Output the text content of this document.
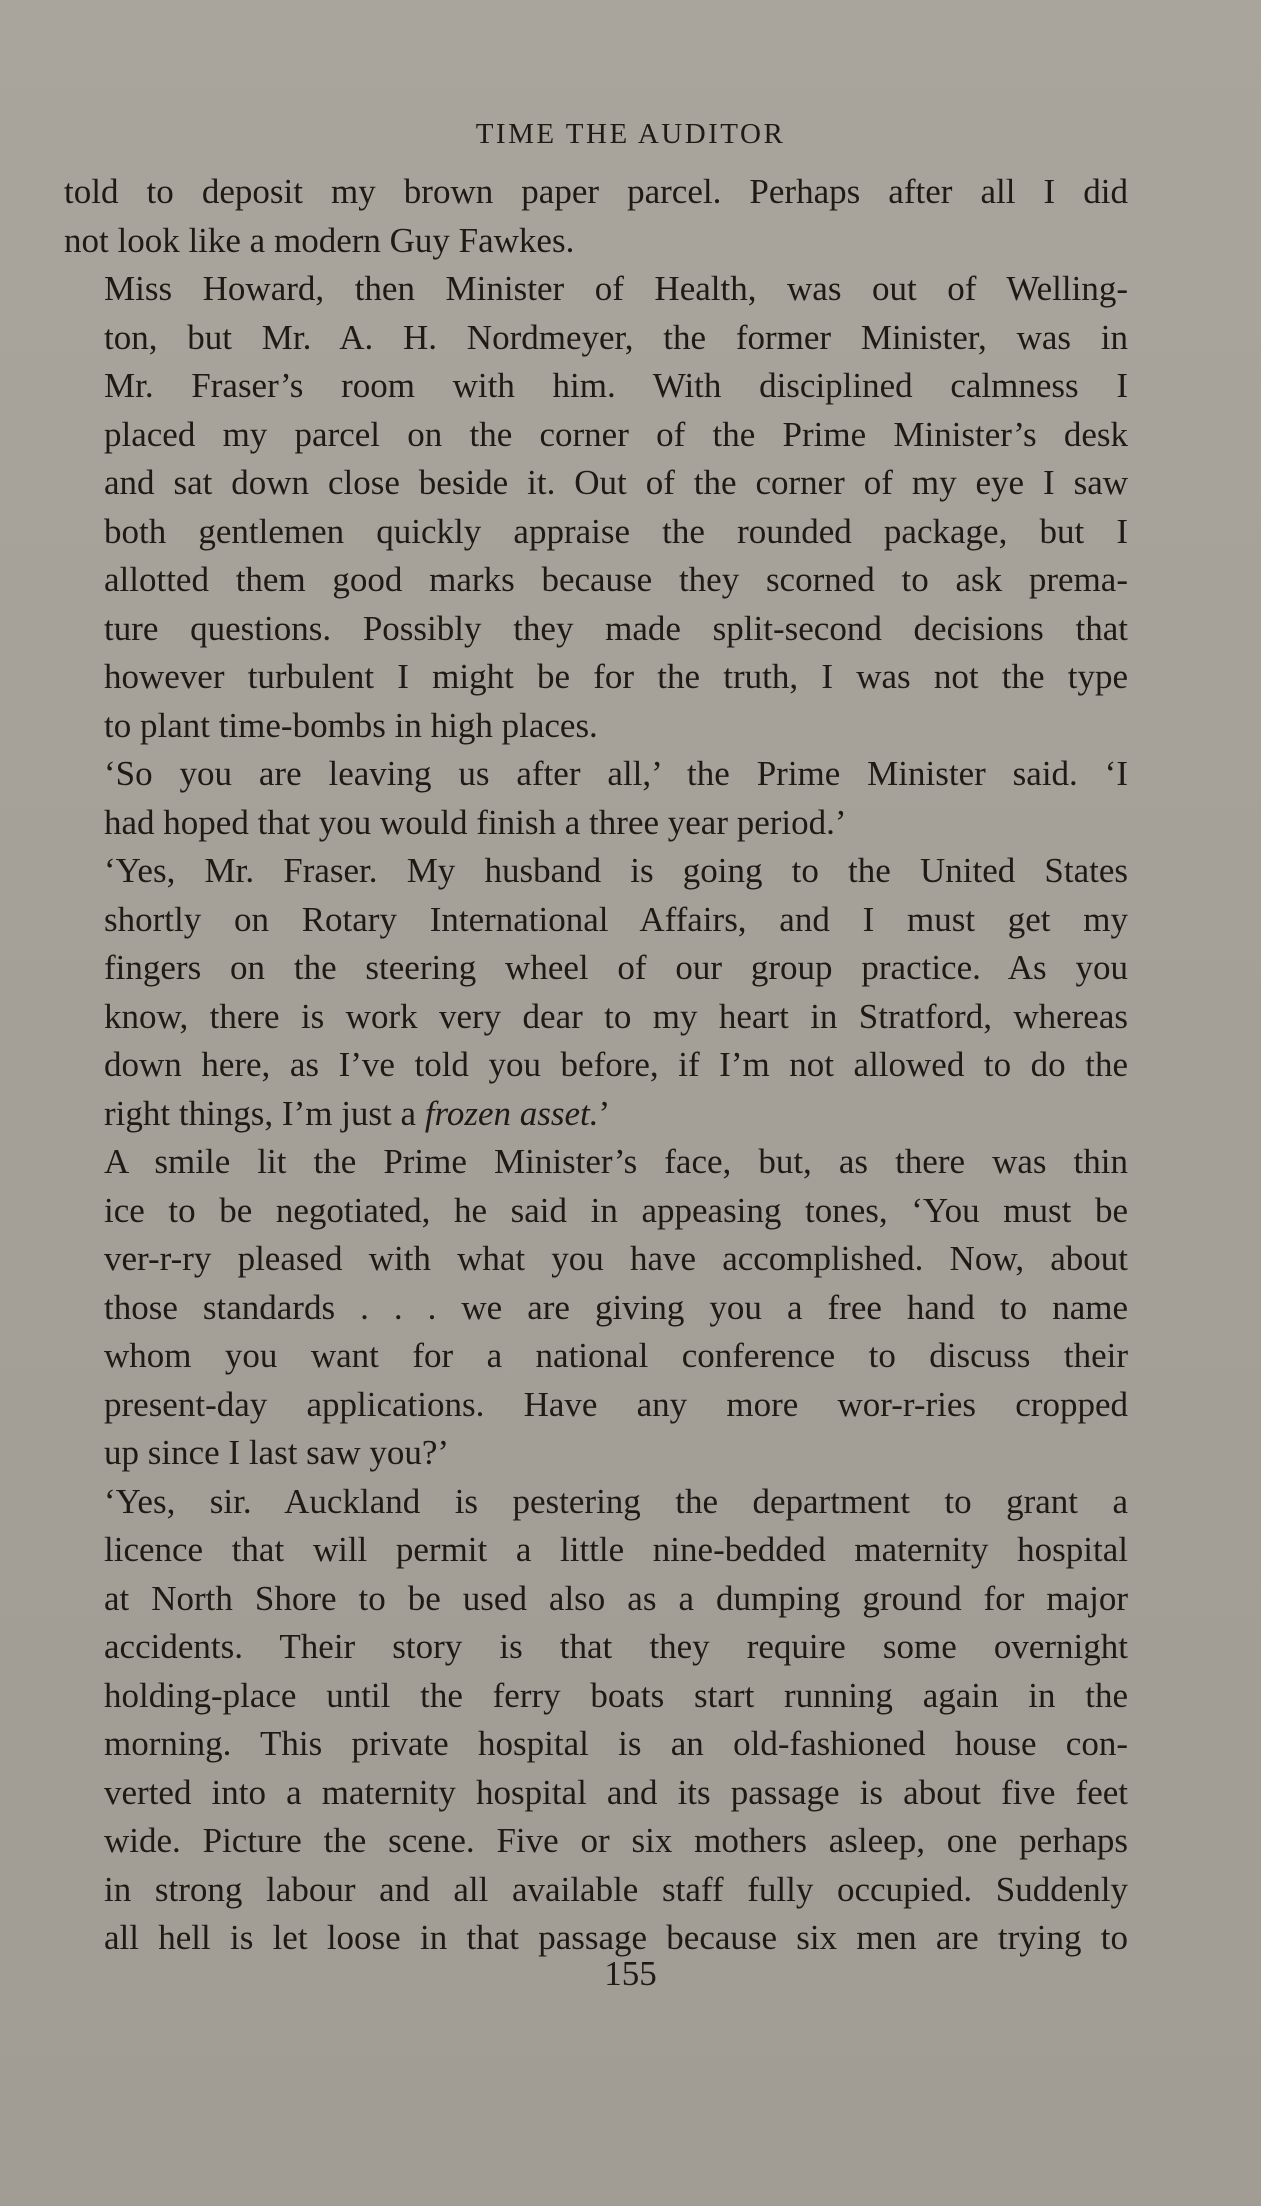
TIME THE AUDITOR

told to deposit my brown paper parcel. Perhaps after all I did
not look like a modern Guy Fawkes.

Miss Howard, then Minister of Health, was out of Welling-
ton, but Mr. A. H. Nordmeyer, the former Minister, was in
Mr. Fraser’s room with him. With disciplined calmness I
placed my parcel on the corner of the Prime Minister’s desk
and sat down close beside it. Out of the corner of my eye I saw
both gentlemen quickly appraise the rounded package, but I
allotted them good marks because they scorned to ask prema-
ture questions. Possibly they made split-second decisions that
however turbulent I might be for the truth, I was not the type
to plant time-bombs in high places.

‘So you are leaving us after all,’ the Prime Minister said. ‘I
had hoped that you would finish a three year period.’

‘Yes, Mr. Fraser. My husband is going to the United States
shortly on Rotary International Affairs, and I must get my
fingers on the steering wheel of our group practice. As you
know, there is work very dear to my heart in Stratford, whereas
down here, as I’ve told you before, if I’m not allowed to do the
right things, I’m just a frozen asset.’

A smile lit the Prime Minister’s face, but, as there was thin
ice to be negotiated, he said in appeasing tones, ‘You must be
ver-r-ry pleased with what you have accomplished. Now, about
those standards . . . we are giving you a free hand to name
whom you want for a national conference to discuss their
present-day applications. Have any more wor-r-ries cropped
up since I last saw you?’

‘Yes, sir. Auckland is pestering the department to grant a
licence that will permit a little nine-bedded maternity hospital
at North Shore to be used also as a dumping ground for major
accidents. Their story is that they require some overnight
holding-place until the ferry boats start running again in the
morning. This private hospital is an old-fashioned house con-
verted into a maternity hospital and its passage is about five feet
wide. Picture the scene. Five or six mothers asleep, one perhaps
in strong labour and all available staff fully occupied. Suddenly
all hell is let loose in that passage because six men are trying to

155
